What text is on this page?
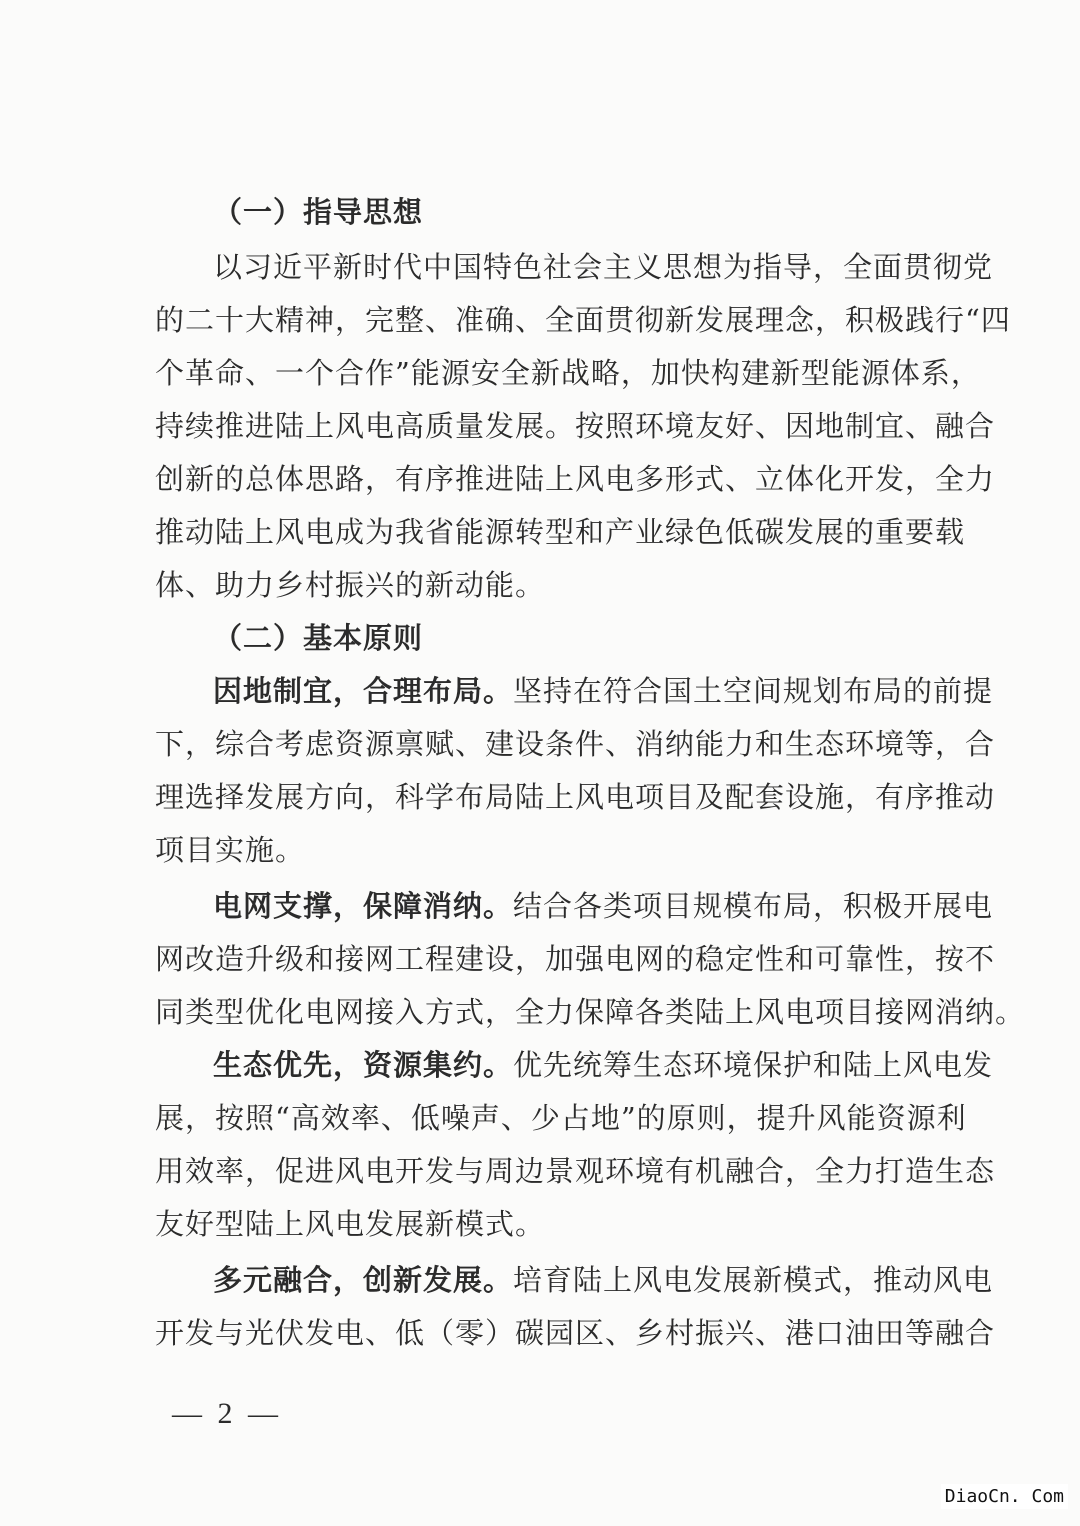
（一）指导思想
以习近平新时代中国特色社会主义思想为指导，全面贯彻党
的二十大精神，完整、准确、全面贯彻新发展理念，积极践行“四
个革命、一个合作”能源安全新战略，加快构建新型能源体系，
持续推进陆上风电高质量发展。按照环境友好、因地制宜、融合
创新的总体思路，有序推进陆上风电多形式、立体化开发，全力
推动陆上风电成为我省能源转型和产业绿色低碳发展的重要载
体、助力乡村振兴的新动能。
（二）基本原则
因地制宜，合理布局。坚持在符合国土空间规划布局的前提
下，综合考虑资源禀赋、建设条件、消纳能力和生态环境等，合
理选择发展方向，科学布局陆上风电项目及配套设施，有序推动
项目实施。
电网支撑，保障消纳。结合各类项目规模布局，积极开展电
网改造升级和接网工程建设，加强电网的稳定性和可靠性，按不
同类型优化电网接入方式，全力保障各类陆上风电项目接网消纳。
生态优先，资源集约。优先统筹生态环境保护和陆上风电发
展，按照“高效率、低噪声、少占地”的原则，提升风能资源利
用效率，促进风电开发与周边景观环境有机融合，全力打造生态
友好型陆上风电发展新模式。
多元融合，创新发展。培育陆上风电发展新模式，推动风电
开发与光伏发电、低（零）碳园区、乡村振兴、港口油田等融合
— 2 —
DiaoCn. Com
